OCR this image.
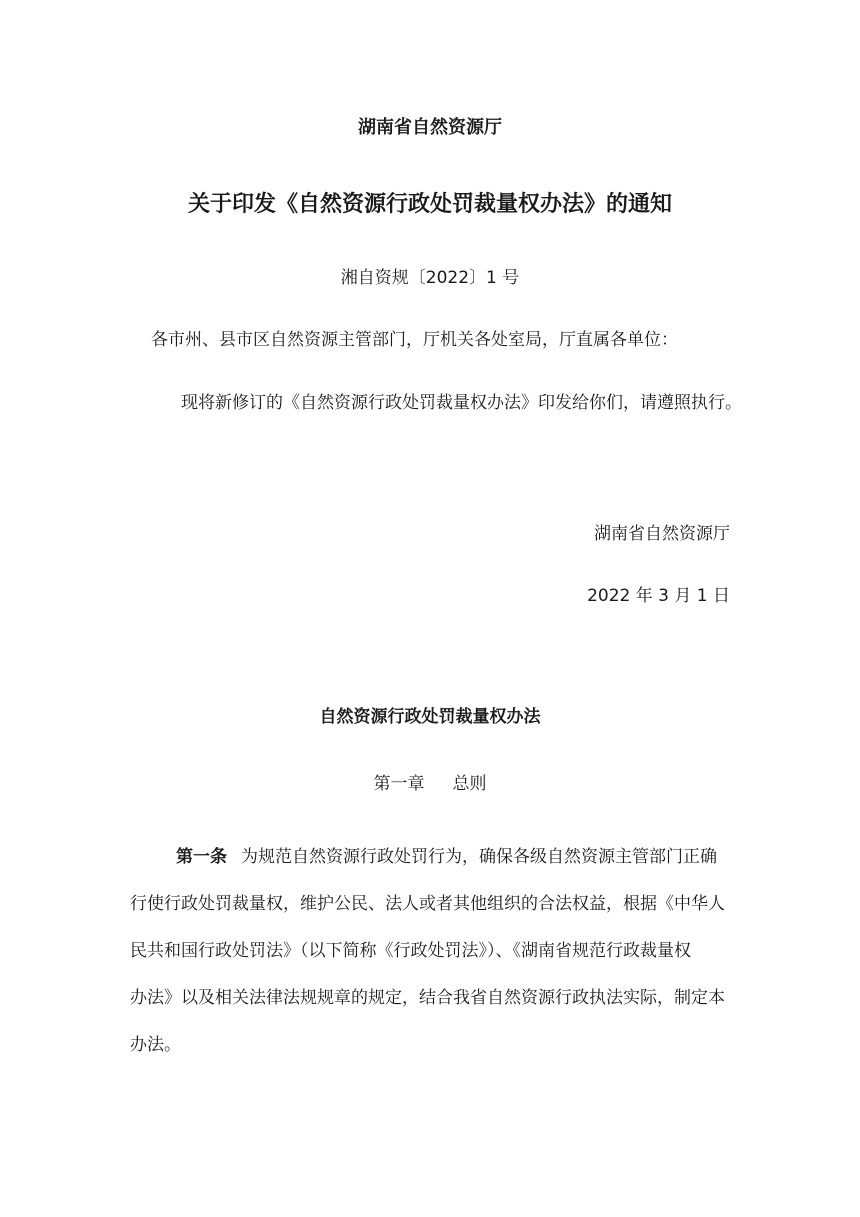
湖南省自然资源厅
关于印发《自然资源行政处罚裁量权办法》的通知
湘自资规〔2022〕1 号
各市州、县市区自然资源主管部门，厅机关各处室局，厅直属各单位：
现将新修订的《自然资源行政处罚裁量权办法》印发给你们，请遵照执行。
湖南省自然资源厅
2022 年 3 月 1 日
自然资源行政处罚裁量权办法
第一章 总则
第一条 为规范自然资源行政处罚行为，确保各级自然资源主管部门正确
行使行政处罚裁量权，维护公民、法人或者其他组织的合法权益，根据《中华人
民共和国行政处罚法》（以下简称《行政处罚法》）、《湖南省规范行政裁量权
办法》以及相关法律法规规章的规定，结合我省自然资源行政执法实际，制定本
办法。
